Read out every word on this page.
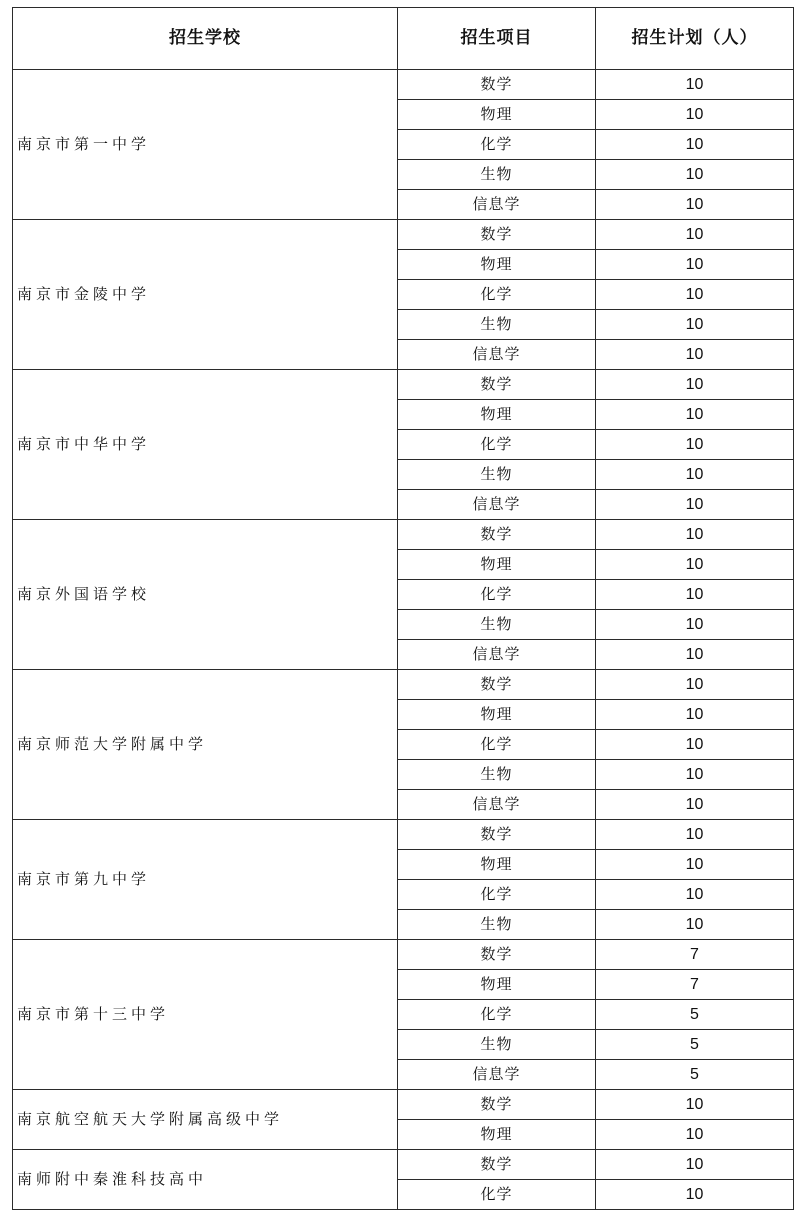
招生学校	招生项目	招生计划（人）
南京市第一中学	数学	10
	物理	10
	化学	10
	生物	10
	信息学	10
南京市金陵中学	数学	10
	物理	10
	化学	10
	生物	10
	信息学	10
南京市中华中学	数学	10
	物理	10
	化学	10
	生物	10
	信息学	10
南京外国语学校	数学	10
	物理	10
	化学	10
	生物	10
	信息学	10
南京师范大学附属中学	数学	10
	物理	10
	化学	10
	生物	10
	信息学	10
南京市第九中学	数学	10
	物理	10
	化学	10
	生物	10
南京市第十三中学	数学	7
	物理	7
	化学	5
	生物	5
	信息学	5
南京航空航天大学附属高级中学	数学	10
	物理	10
南师附中秦淮科技高中	数学	10
	化学	10
